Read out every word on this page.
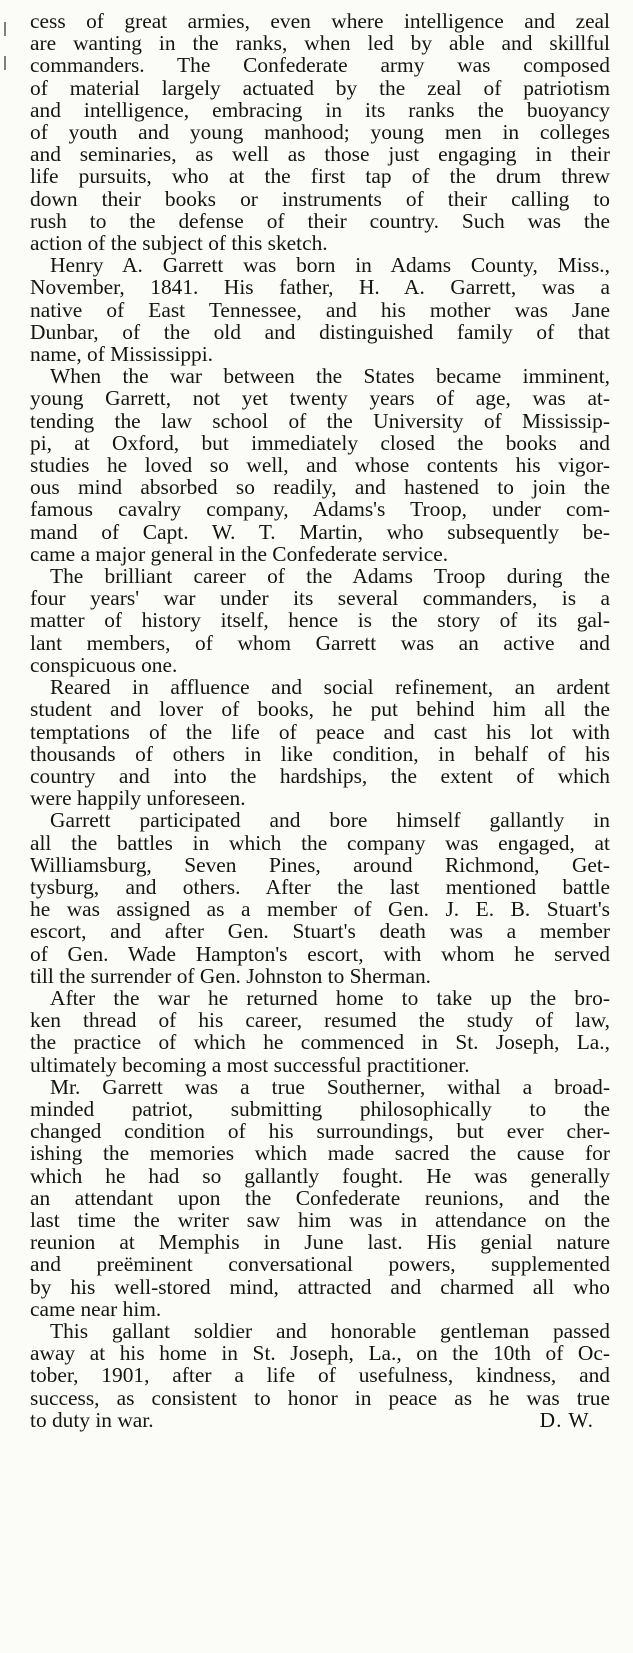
cess of great armies, even where intelligence and zeal
are wanting in the ranks, when led by able and skillful
commanders. The Confederate army was composed
of material largely actuated by the zeal of patriotism
and intelligence, embracing in its ranks the buoyancy
of youth and young manhood; young men in colleges
and seminaries, as well as those just engaging in their
life pursuits, who at the first tap of the drum threw
down their books or instruments of their calling to
rush to the defense of their country. Such was the
action of the subject of this sketch.

Henry A. Garrett was born in Adams County, Miss.,
November, 1841. His father, H. A. Garrett, was a
native of East Tennessee, and his mother was Jane
Dunbar, of the old and distinguished family of that
name, of Mississippi.

When the war between the States became imminent,
young Garrett, not yet twenty years of age, was at-
tending the law school of the University of Mississip-
pi, at Oxford, but immediately closed the books and
studies he loved so well, and whose contents his vigor-
ous mind absorbed so readily, and hastened to join the
famous cavalry company, Adams's Troop, under com-
mand of Capt. W. T. Martin, who subsequently be-
came a major general in the Confederate service.

The brilliant career of the Adams Troop during the
four years' war under its several commanders, is a
matter of history itself, hence is the story of its gal-
lant members, of whom Garrett was an active and
conspicuous one.

Reared in affluence and social refinement, an ardent
student and lover of books, he put behind him all the
temptations of the life of peace and cast his lot with
thousands of others in like condition, in behalf of his
country and into the hardships, the extent of which
were happily unforeseen.

Garrett participated and bore himself gallantly in
all the battles in which the company was engaged, at
Williamsburg, Seven Pines, around Richmond, Get-
tysburg, and others. After the last mentioned battle
he was assigned as a member of Gen. J. E. B. Stuart's
escort, and after Gen. Stuart's death was a member
of Gen. Wade Hampton's escort, with whom he served
till the surrender of Gen. Johnston to Sherman.

After the war he returned home to take up the bro-
ken thread of his career, resumed the study of law,
the practice of which he commenced in St. Joseph, La.,
ultimately becoming a most successful practitioner.

Mr. Garrett was a true Southerner, withal a broad-
minded patriot, submitting philosophically to the
changed condition of his surroundings, but ever cher-
ishing the memories which made sacred the cause for
which he had so gallantly fought. He was generally
an attendant upon the Confederate reunions, and the
last time the writer saw him was in attendance on the
reunion at Memphis in June last. His genial nature
and preëminent conversational powers, supplemented
by his well-stored mind, attracted and charmed all who
came near him.

This gallant soldier and honorable gentleman passed
away at his home in St. Joseph, La., on the 10th of Oc-
tober, 1901, after a life of usefulness, kindness, and
success, as consistent to honor in peace as he was true
to duty in war.	D. W.
